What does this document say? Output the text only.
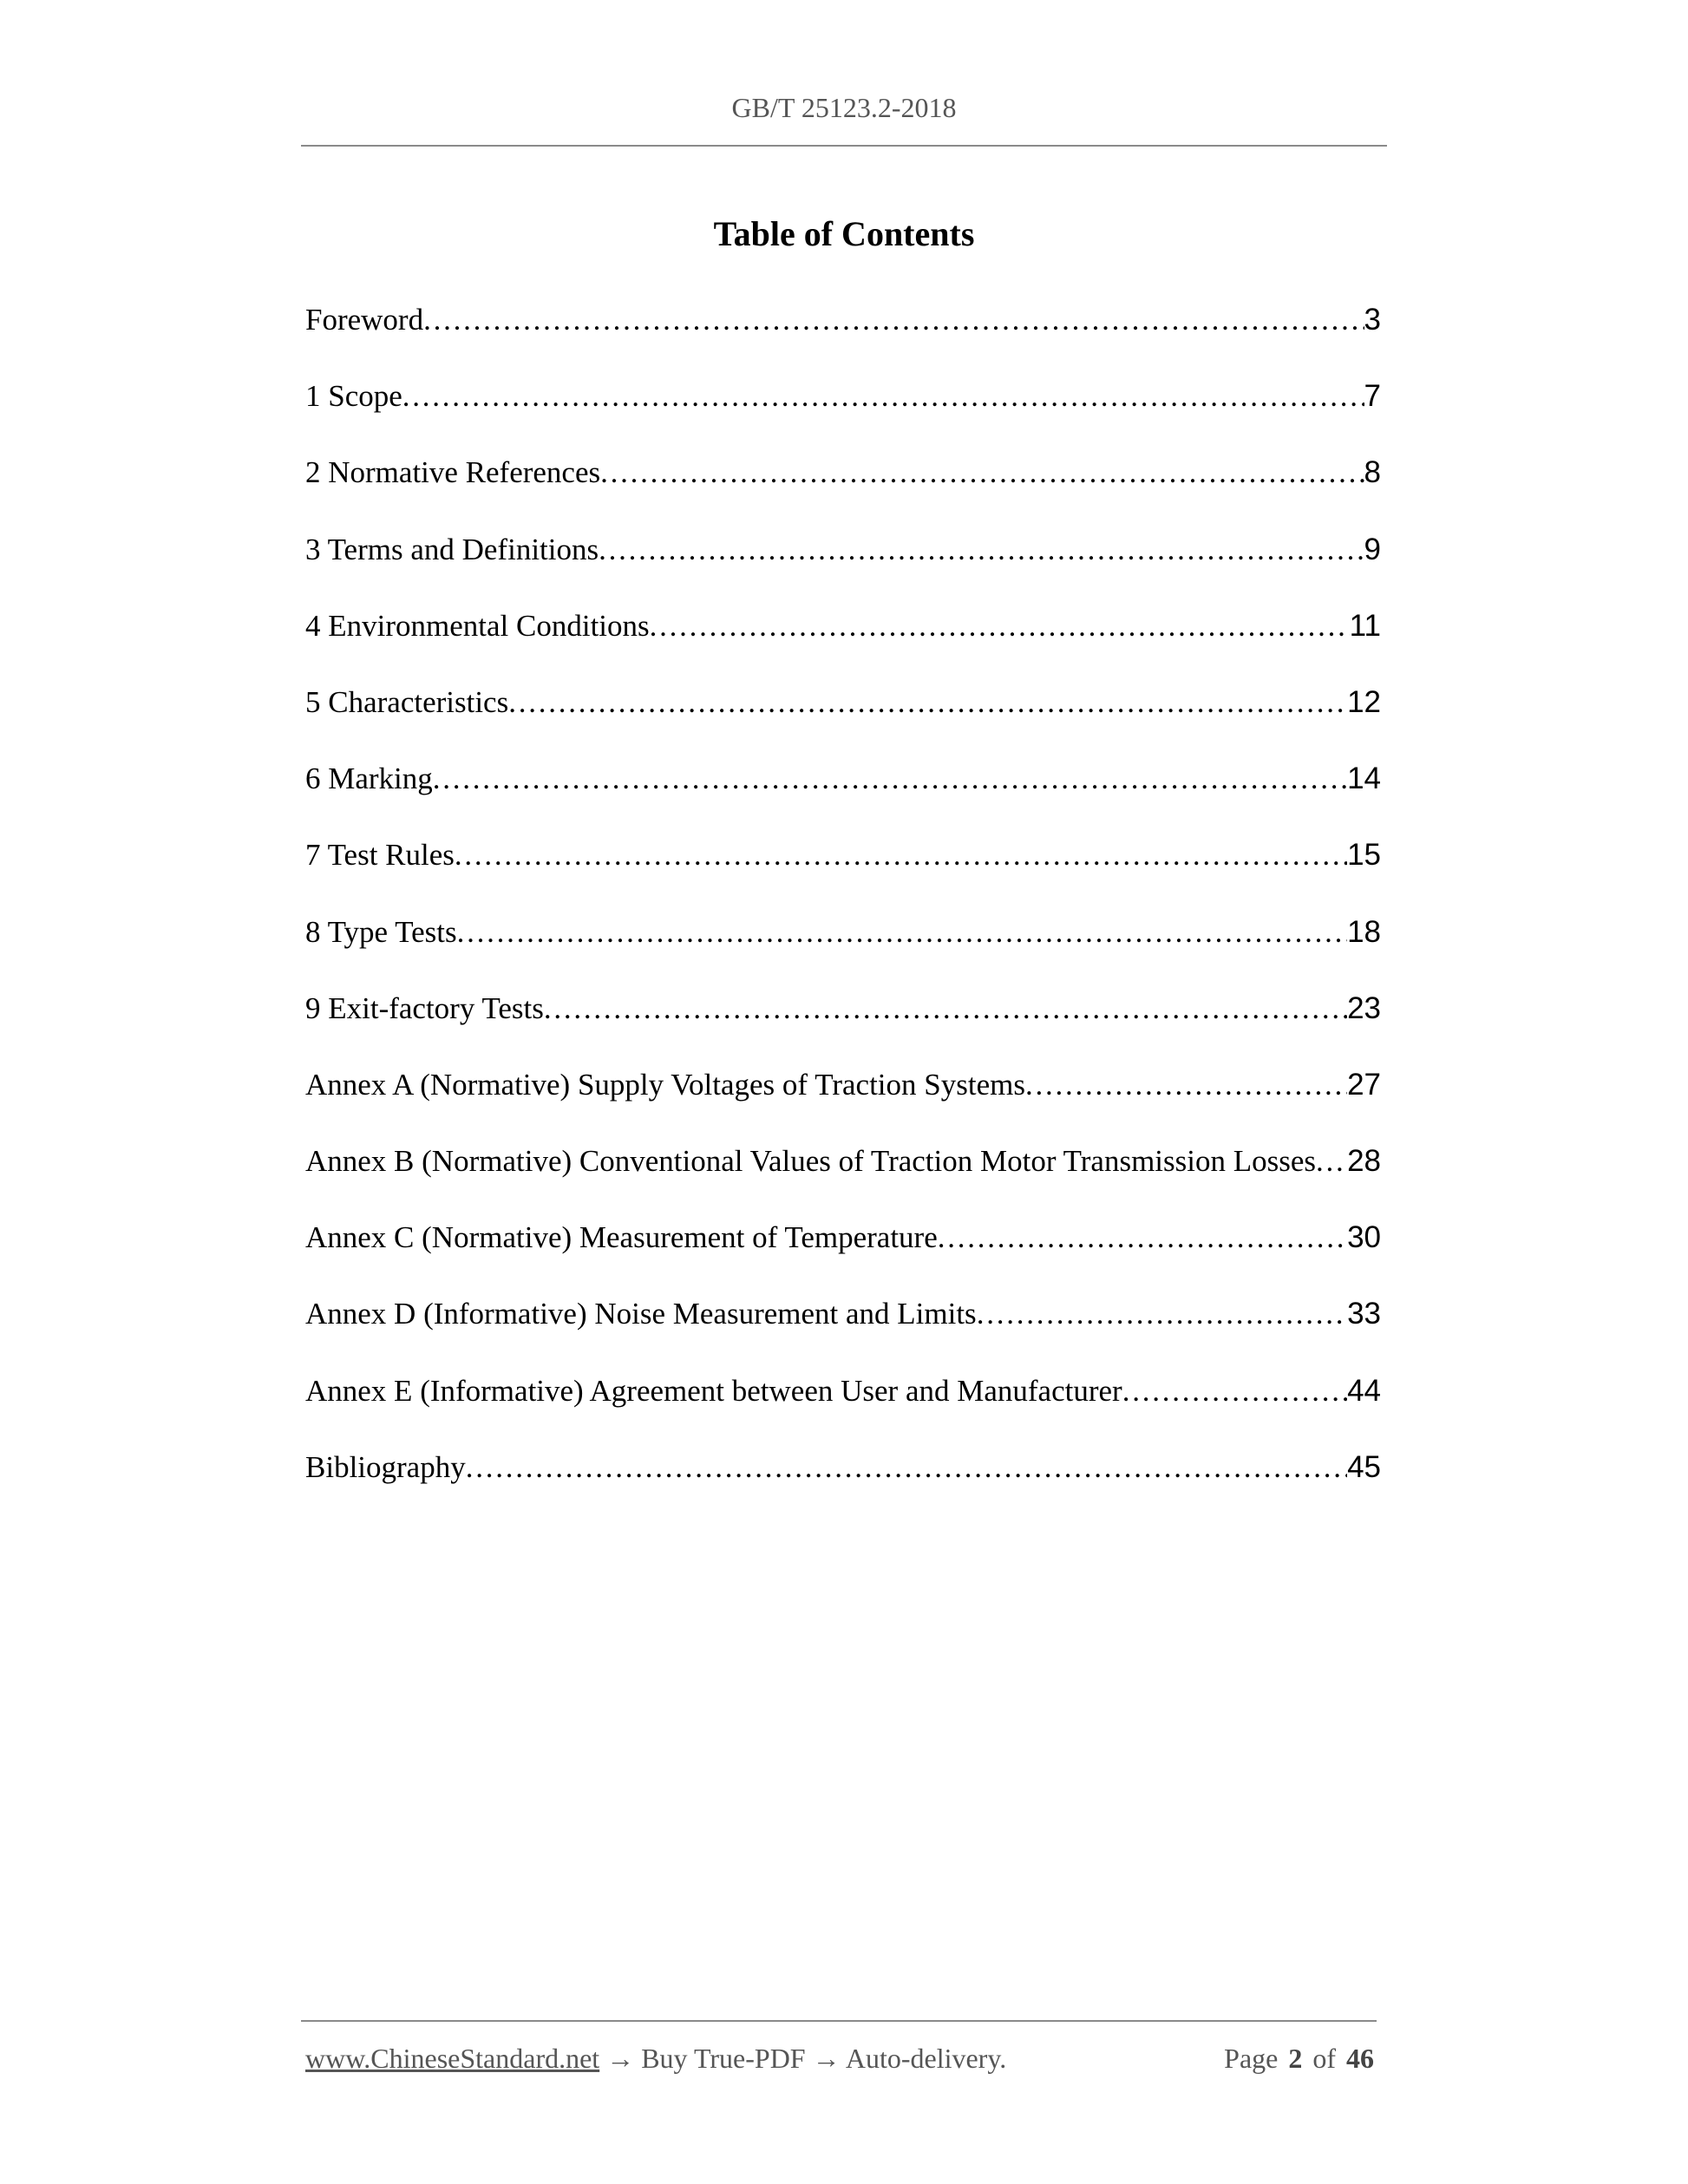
GB/T 25123.2-2018
Table of Contents
Foreword . . .	3
1 Scope . . .	7
2 Normative References . . .	8
3 Terms and Definitions . . .	9
4 Environmental Conditions . . .	11
5 Characteristics . . .	12
6 Marking . . .	14
7 Test Rules . . .	15
8 Type Tests . . .	18
9 Exit-factory Tests . . .	23
Annex A (Normative) Supply Voltages of Traction Systems . . .	27
Annex B (Normative) Conventional Values of Traction Motor Transmission Losses . . . 28
Annex C (Normative) Measurement of Temperature . . .	30
Annex D (Informative) Noise Measurement and Limits . . .	33
Annex E (Informative) Agreement between User and Manufacturer . . .	44
Bibliography . . .	45
www.ChineseStandard.net → Buy True-PDF → Auto-delivery.	Page 2 of 46
